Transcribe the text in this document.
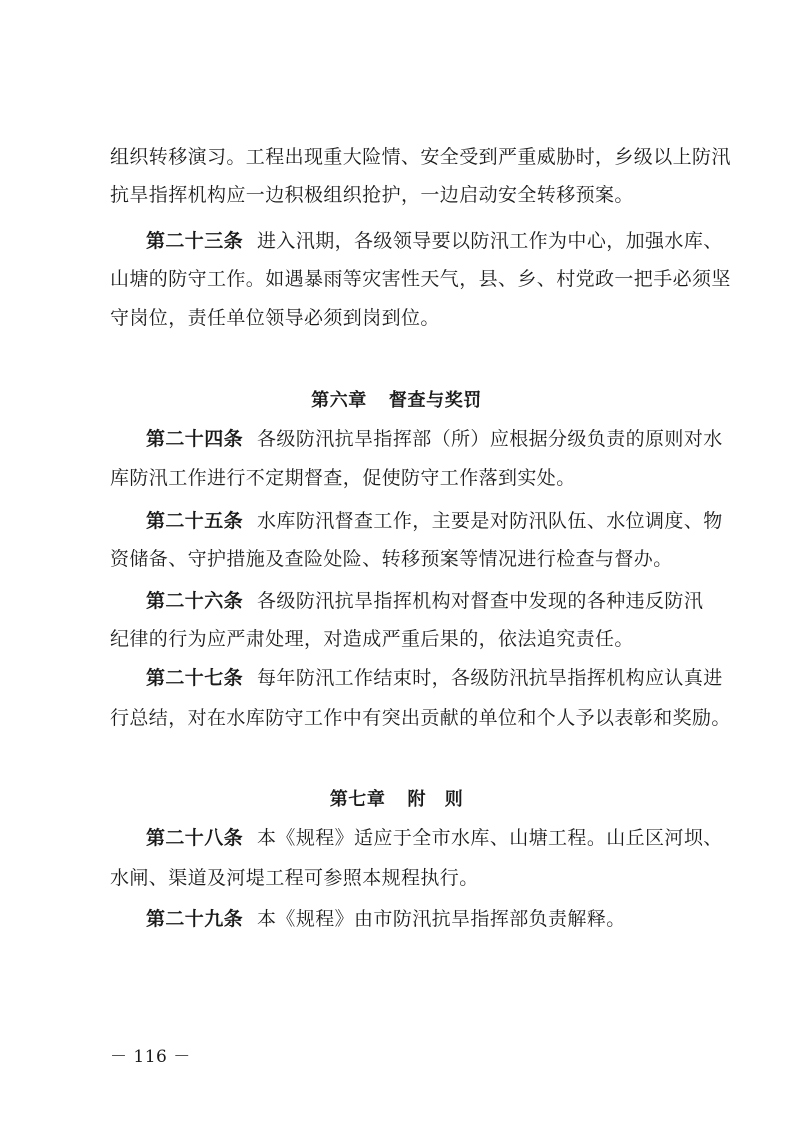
组织转移演习。工程出现重大险情、安全受到严重威胁时，乡级以上防汛
抗旱指挥机构应一边积极组织抢护，一边启动安全转移预案。
第二十三条 进入汛期，各级领导要以防汛工作为中心，加强水库、
山塘的防守工作。如遇暴雨等灾害性天气，县、乡、村党政一把手必须坚
守岗位，责任单位领导必须到岗到位。
第六章 督查与奖罚
第二十四条 各级防汛抗旱指挥部（所）应根据分级负责的原则对水
库防汛工作进行不定期督查，促使防守工作落到实处。
第二十五条 水库防汛督查工作，主要是对防汛队伍、水位调度、物
资储备、守护措施及查险处险、转移预案等情况进行检查与督办。
第二十六条 各级防汛抗旱指挥机构对督查中发现的各种违反防汛
纪律的行为应严肃处理，对造成严重后果的，依法追究责任。
第二十七条 每年防汛工作结束时，各级防汛抗旱指挥机构应认真进
行总结，对在水库防守工作中有突出贡献的单位和个人予以表彰和奖励。
第七章 附　则
第二十八条 本《规程》适应于全市水库、山塘工程。山丘区河坝、
水闸、渠道及河堤工程可参照本规程执行。
第二十九条 本《规程》由市防汛抗旱指挥部负责解释。
－ 116 －
